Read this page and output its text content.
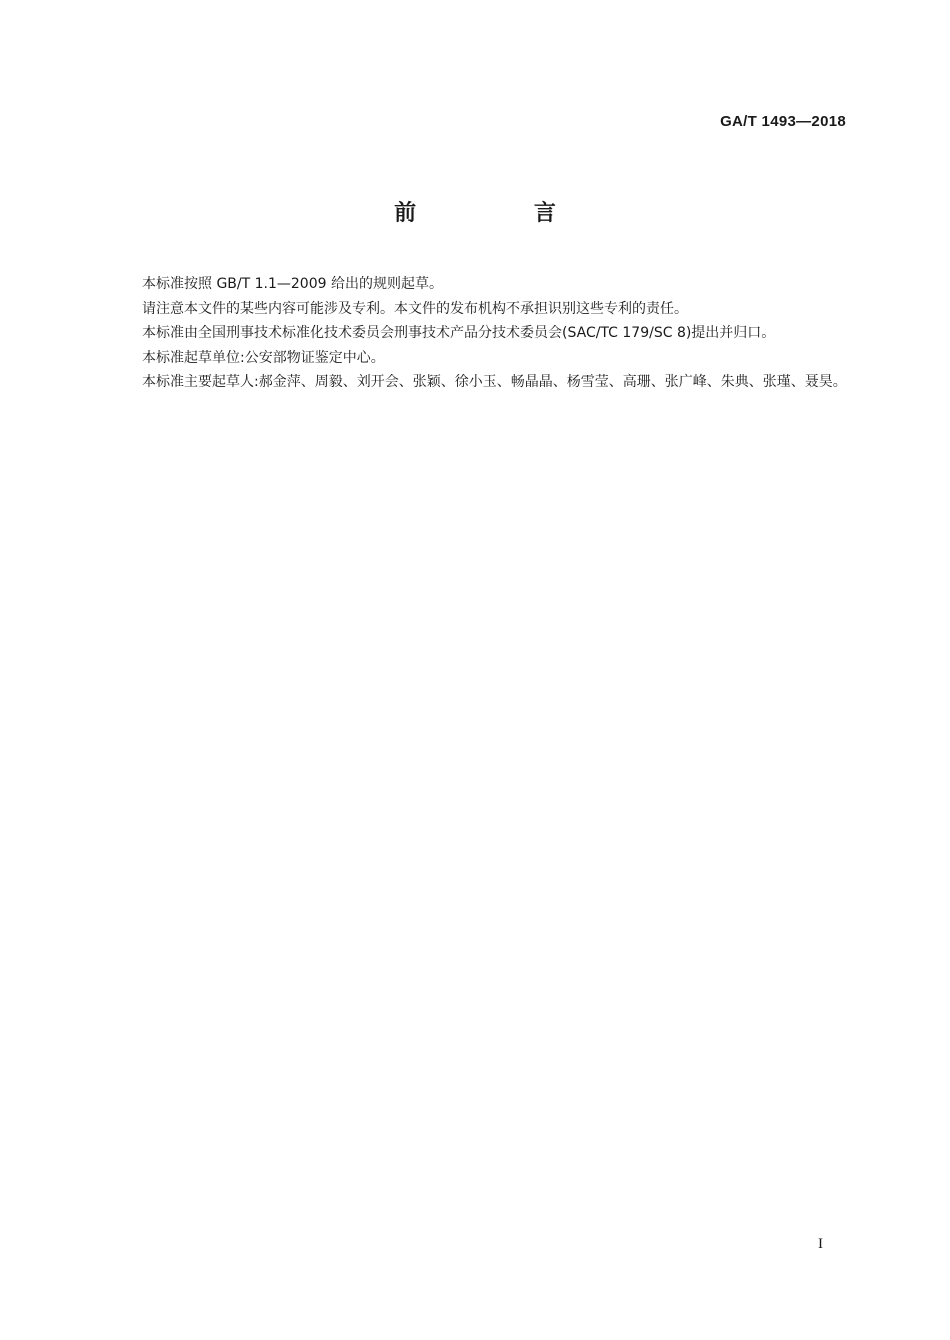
GA/T 1493—2018
前 言

本标准按照 GB/T 1.1—2009 给出的规则起草。

请注意本文件的某些内容可能涉及专利。本文件的发布机构不承担识别这些专利的责任。

本标准由全国刑事技术标准化技术委员会刑事技术产品分技术委员会(SAC/TC 179/SC 8)提出并归口。

本标准起草单位:公安部物证鉴定中心。

本标准主要起草人:郝金萍、周毅、刘开会、张颖、徐小玉、畅晶晶、杨雪莹、高珊、张广峰、朱典、张瑾、聂昊。

I
